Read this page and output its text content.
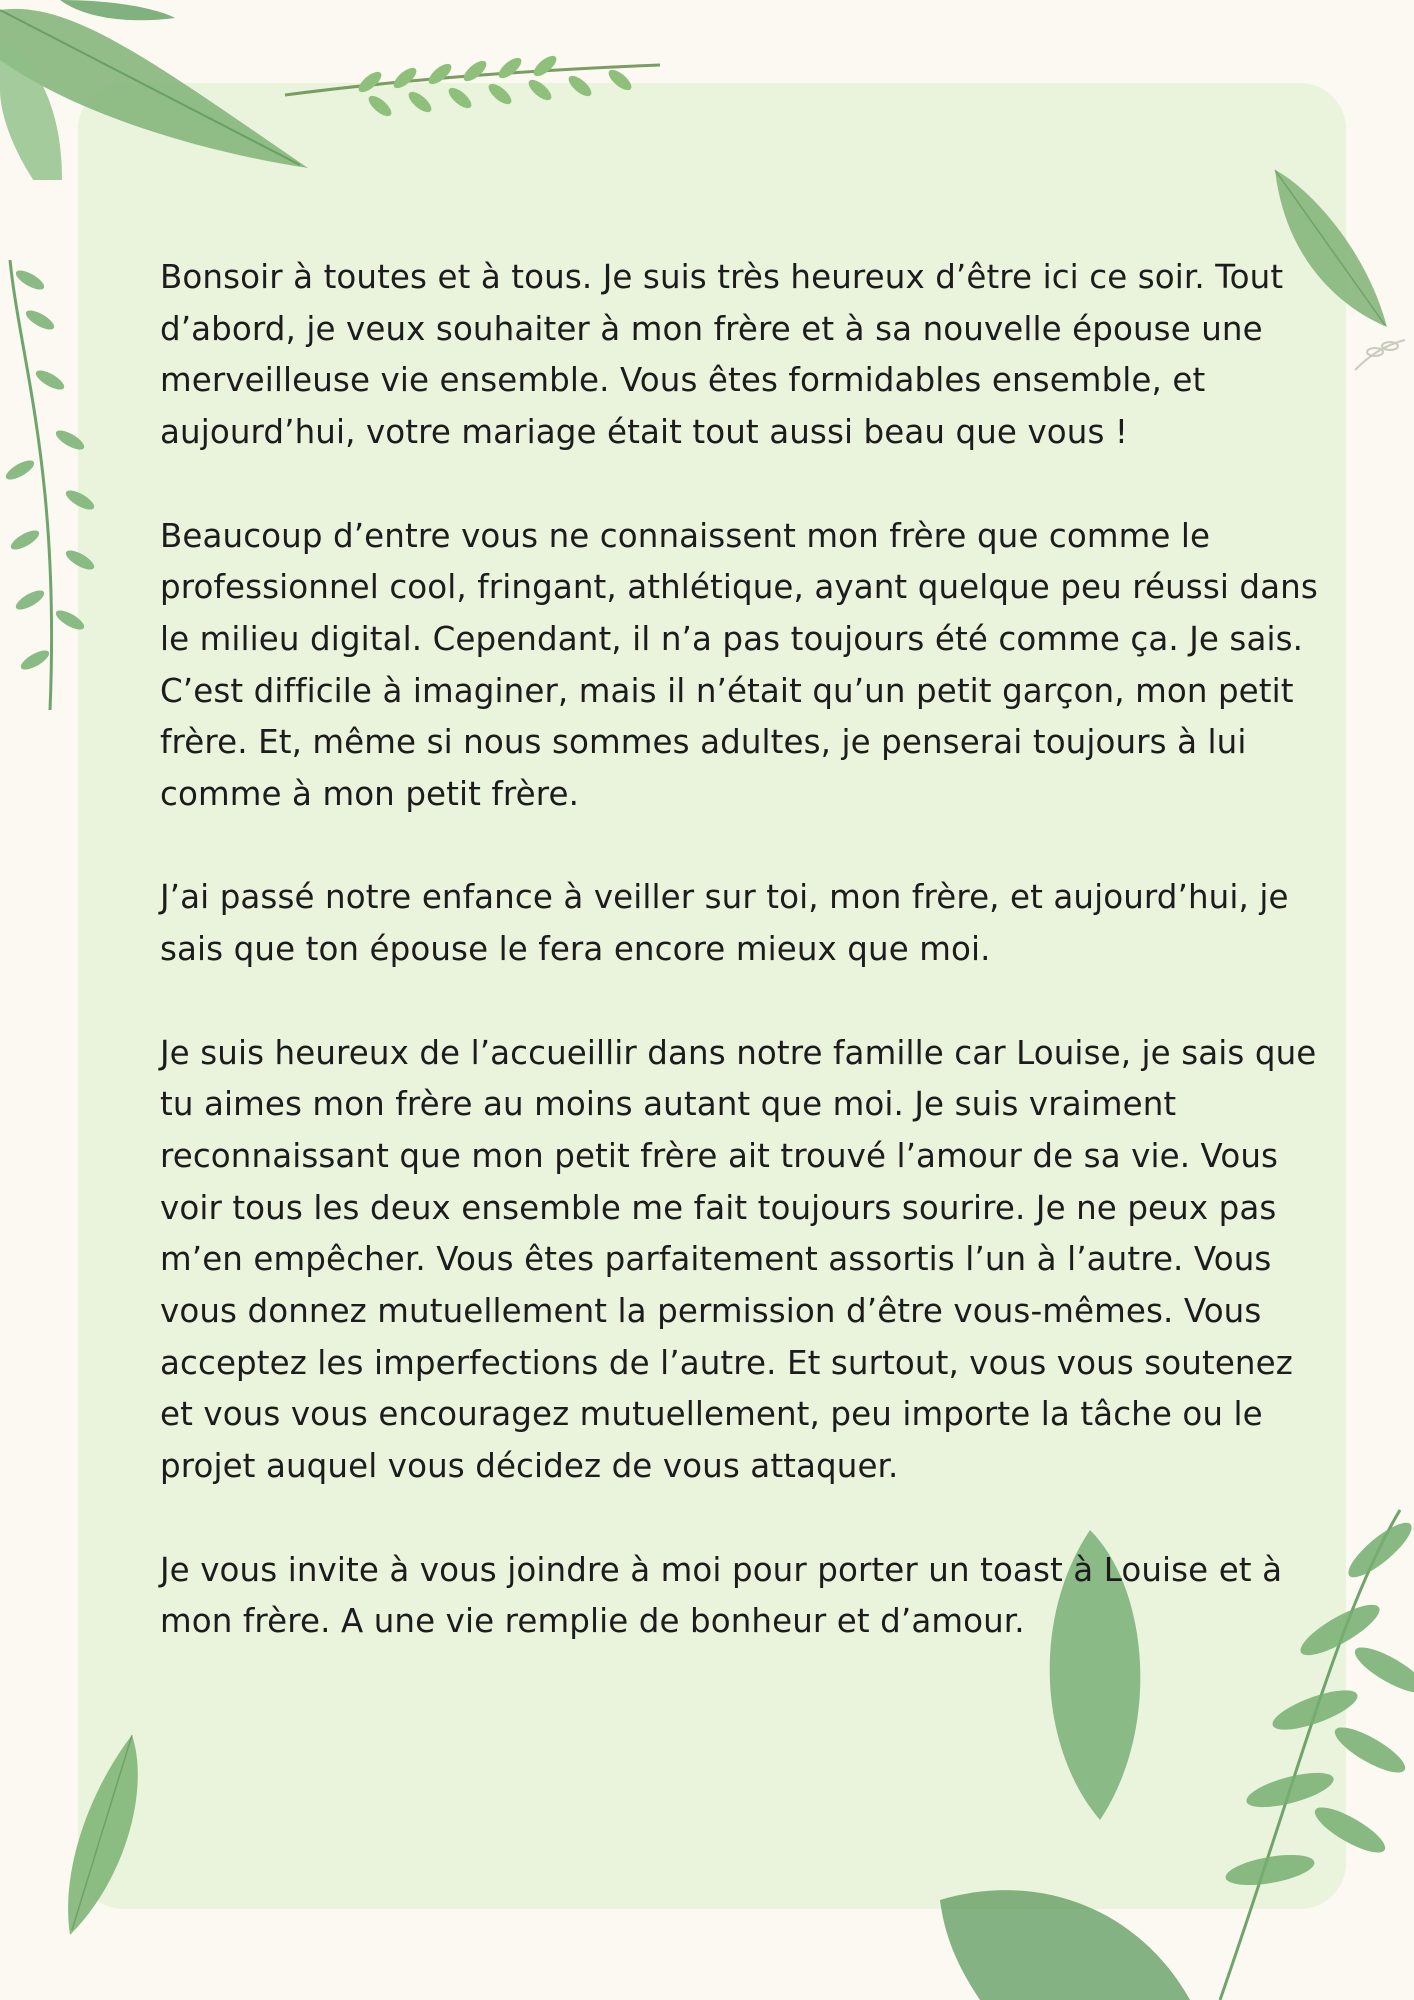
Bonsoir à toutes et à tous. Je suis très heureux d’être ici ce soir. Tout d’abord, je veux souhaiter à mon frère et à sa nouvelle épouse une merveilleuse vie ensemble. Vous êtes formidables ensemble, et aujourd’hui, votre mariage était tout aussi beau que vous !

Beaucoup d’entre vous ne connaissent mon frère que comme le professionnel cool, fringant, athlétique, ayant quelque peu réussi dans le milieu digital. Cependant, il n’a pas toujours été comme ça. Je sais. C’est difficile à imaginer, mais il n’était qu’un petit garçon, mon petit frère. Et, même si nous sommes adultes, je penserai toujours à lui comme à mon petit frère.

J’ai passé notre enfance à veiller sur toi, mon frère, et aujourd’hui, je sais que ton épouse le fera encore mieux que moi.

Je suis heureux de l’accueillir dans notre famille car Louise, je sais que tu aimes mon frère au moins autant que moi. Je suis vraiment reconnaissant que mon petit frère ait trouvé l’amour de sa vie. Vous voir tous les deux ensemble me fait toujours sourire. Je ne peux pas m’en empêcher. Vous êtes parfaitement assortis l’un à l’autre. Vous vous donnez mutuellement la permission d’être vous-mêmes. Vous acceptez les imperfections de l’autre. Et surtout, vous vous soutenez et vous vous encouragez mutuellement, peu importe la tâche ou le projet auquel vous décidez de vous attaquer.

Je vous invite à vous joindre à moi pour porter un toast à Louise et à mon frère. A une vie remplie de bonheur et d’amour.
